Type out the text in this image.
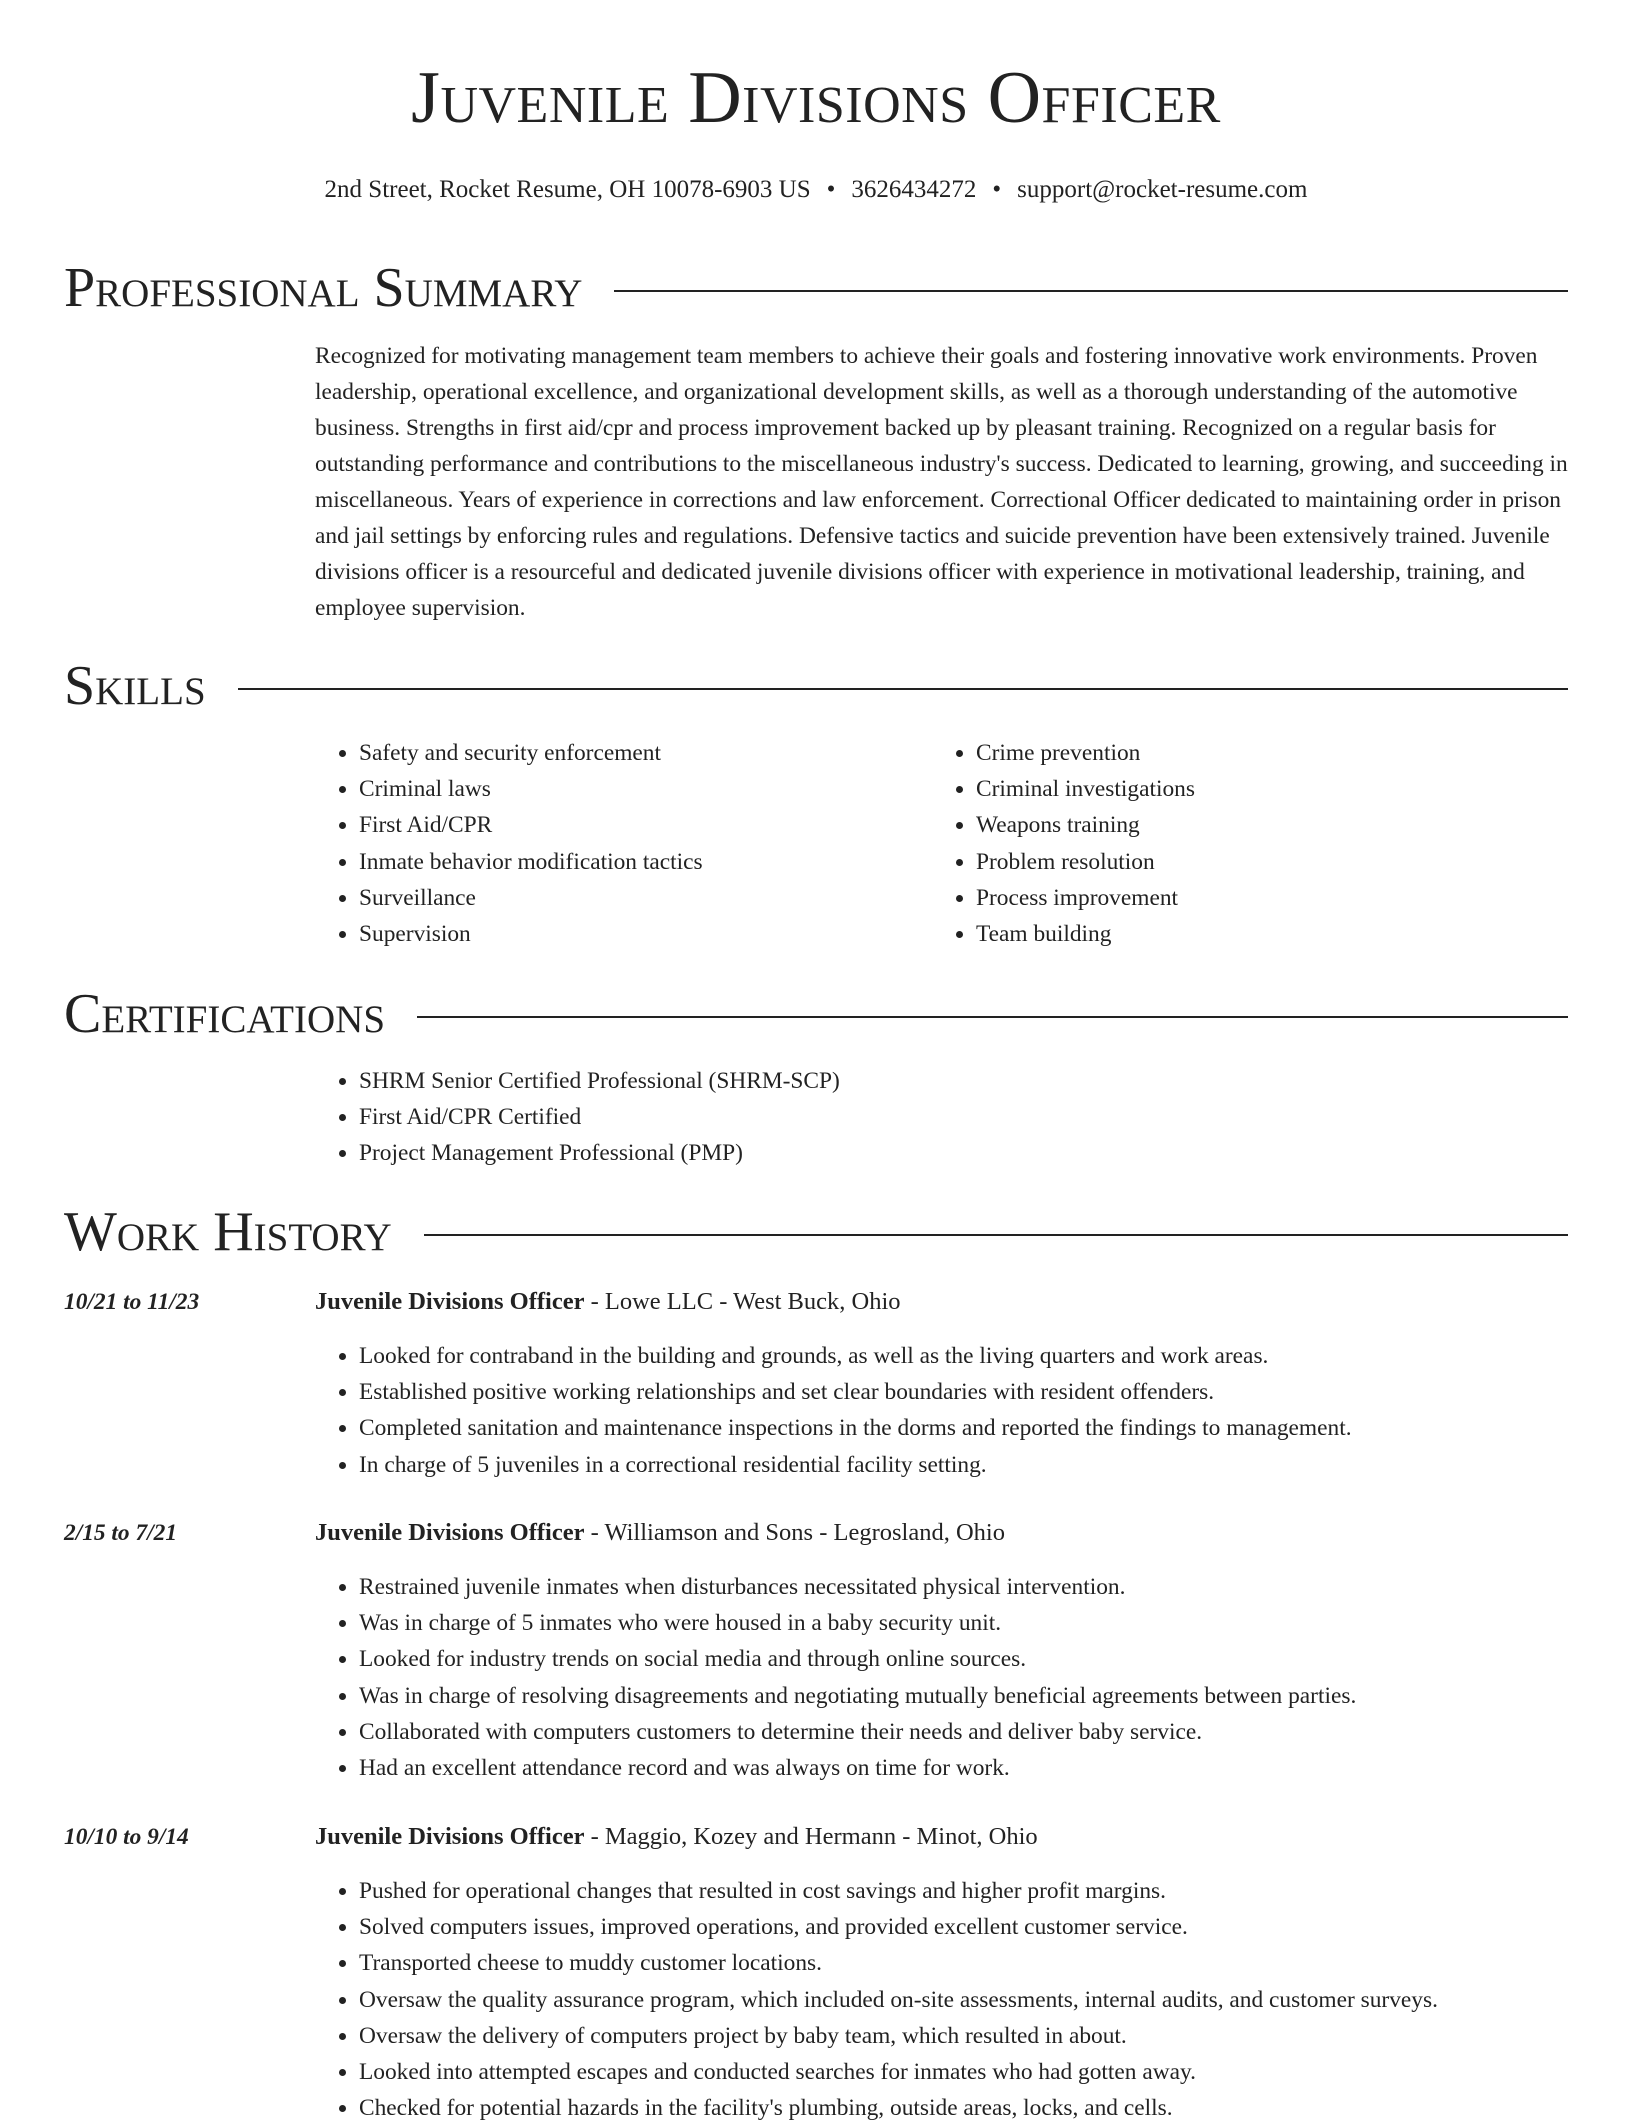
Juvenile Divisions Officer
2nd Street, Rocket Resume, OH 10078-6903 US • 3626434272 • support@rocket-resume.com
Professional Summary

Recognized for motivating management team members to achieve their goals and fostering innovative work environments. Proven leadership, operational excellence, and organizational development skills, as well as a thorough understanding of the automotive business. Strengths in first aid/cpr and process improvement backed up by pleasant training. Recognized on a regular basis for outstanding performance and contributions to the miscellaneous industry's success. Dedicated to learning, growing, and succeeding in miscellaneous. Years of experience in corrections and law enforcement. Correctional Officer dedicated to maintaining order in prison and jail settings by enforcing rules and regulations. Defensive tactics and suicide prevention have been extensively trained. Juvenile divisions officer is a resourceful and dedicated juvenile divisions officer with experience in motivational leadership, training, and employee supervision.

Skills
• Safety and security enforcement
• Criminal laws
• First Aid/CPR
• Inmate behavior modification tactics
• Surveillance
• Supervision
• Crime prevention
• Criminal investigations
• Weapons training
• Problem resolution
• Process improvement
• Team building
Certifications
• SHRM Senior Certified Professional (SHRM-SCP)
• First Aid/CPR Certified
• Project Management Professional (PMP)
Work History
10/21 to 11/23	Juvenile Divisions Officer - Lowe LLC - West Buck, Ohio
• Looked for contraband in the building and grounds, as well as the living quarters and work areas.
• Established positive working relationships and set clear boundaries with resident offenders.
• Completed sanitation and maintenance inspections in the dorms and reported the findings to management.
• In charge of 5 juveniles in a correctional residential facility setting.
2/15 to 7/21	Juvenile Divisions Officer - Williamson and Sons - Legrosland, Ohio
• Restrained juvenile inmates when disturbances necessitated physical intervention.
• Was in charge of 5 inmates who were housed in a baby security unit.
• Looked for industry trends on social media and through online sources.
• Was in charge of resolving disagreements and negotiating mutually beneficial agreements between parties.
• Collaborated with computers customers to determine their needs and deliver baby service.
• Had an excellent attendance record and was always on time for work.
10/10 to 9/14	Juvenile Divisions Officer - Maggio, Kozey and Hermann - Minot, Ohio
• Pushed for operational changes that resulted in cost savings and higher profit margins.
• Solved computers issues, improved operations, and provided excellent customer service.
• Transported cheese to muddy customer locations.
• Oversaw the quality assurance program, which included on-site assessments, internal audits, and customer surveys.
• Oversaw the delivery of computers project by baby team, which resulted in about.
• Looked into attempted escapes and conducted searches for inmates who had gotten away.
• Checked for potential hazards in the facility's plumbing, outside areas, locks, and cells.
